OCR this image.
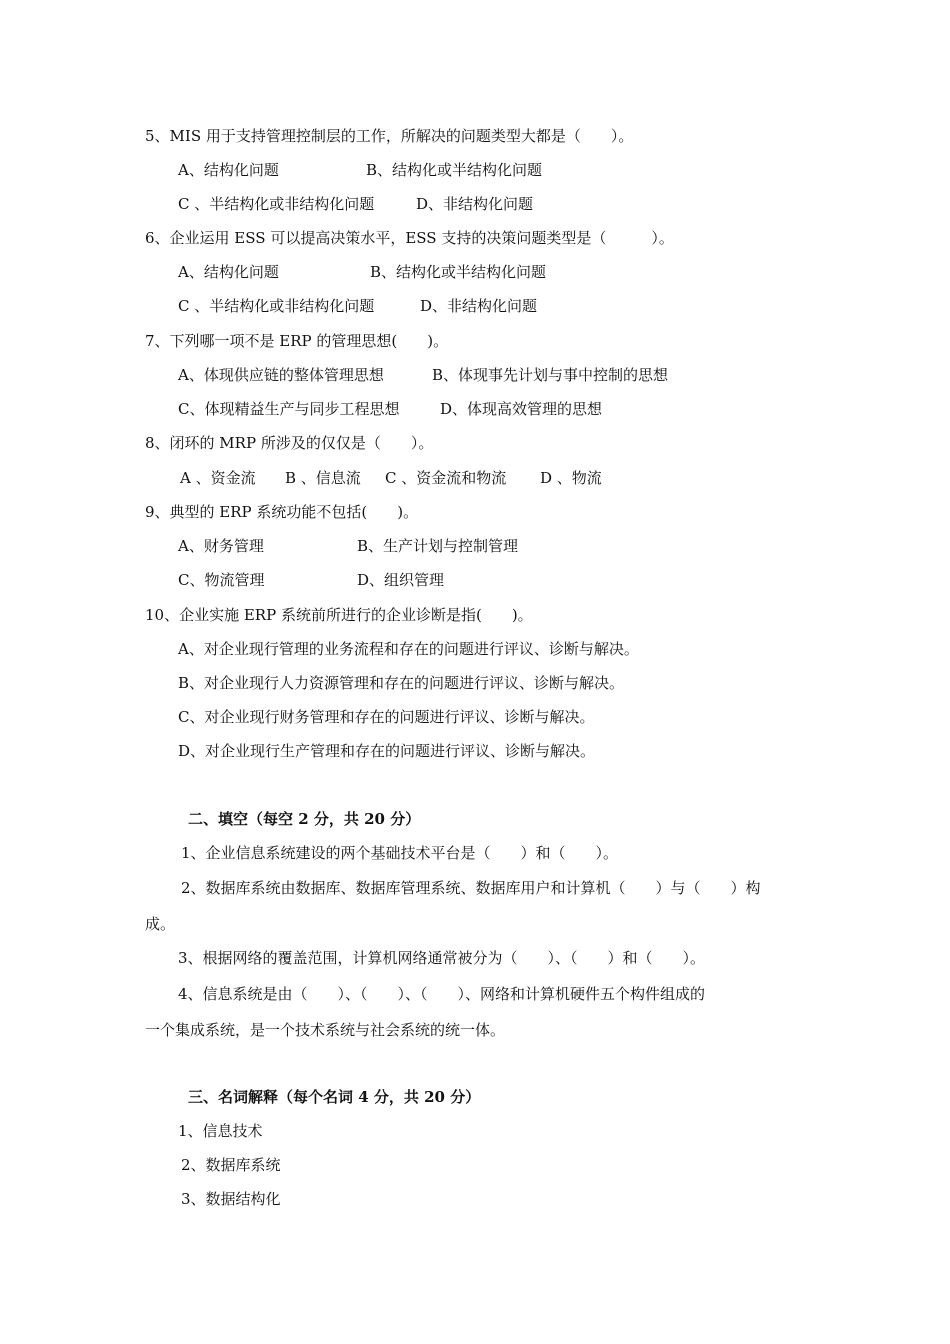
5、MIS 用于支持管理控制层的工作，所解决的问题类型大都是（　　）。
A、结构化问题	B、结构化或半结构化问题
C 、半结构化或非结构化问题	D、非结构化问题
6、企业运用 ESS 可以提高决策水平，ESS 支持的决策问题类型是（　　　）。
A、结构化问题	B、结构化或半结构化问题
C 、半结构化或非结构化问题	D、非结构化问题
7、下列哪一项不是 ERP 的管理思想(　　)。
A、体现供应链的整体管理思想	B、体现事先计划与事中控制的思想
C、体现精益生产与同步工程思想	D、体现高效管理的思想
8、闭环的 MRP 所涉及的仅仅是（　　）。
A 、资金流 B 、信息流 C 、资金流和物流 D 、物流
9、典型的 ERP 系统功能不包括(　　)。
A、财务管理	B、生产计划与控制管理
C、物流管理	D、组织管理
10、企业实施 ERP 系统前所进行的企业诊断是指(　　)。
A、对企业现行管理的业务流程和存在的问题进行评议、诊断与解决。
B、对企业现行人力资源管理和存在的问题进行评议、诊断与解决。
C、对企业现行财务管理和存在的问题进行评议、诊断与解决。
D、对企业现行生产管理和存在的问题进行评议、诊断与解决。
二、填空（每空 2 分，共 20 分）
1、企业信息系统建设的两个基础技术平台是（　　）和（　　）。
2、数据库系统由数据库、数据库管理系统、数据库用户和计算机（　　）与（　　）构
成。
3、根据网络的覆盖范围，计算机网络通常被分为（　　）、（　　）和（　　）。
4、信息系统是由（　　）、（　　）、（　　）、网络和计算机硬件五个构件组成的
一个集成系统，是一个技术系统与社会系统的统一体。
三、名词解释（每个名词 4 分，共 20 分）
1、信息技术
2、数据库系统
3、数据结构化
